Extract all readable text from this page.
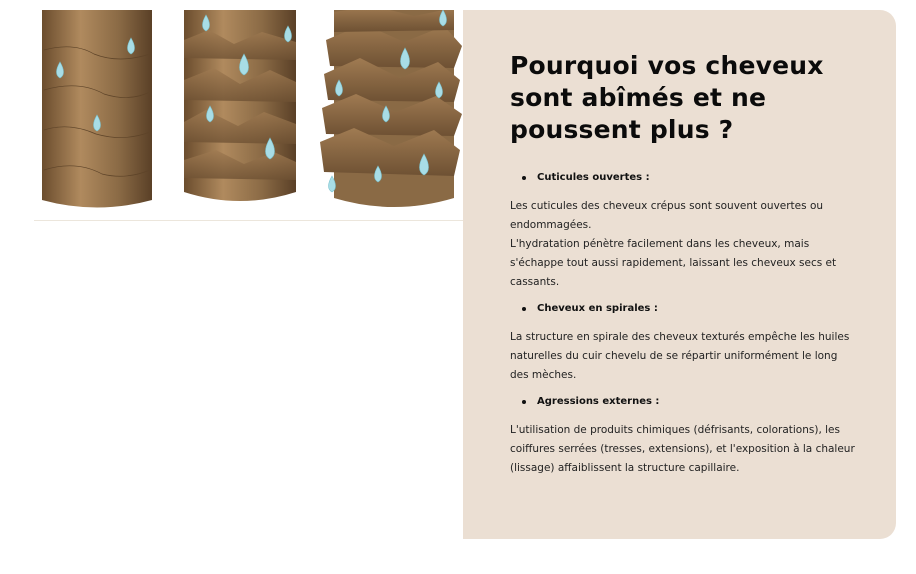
Pourquoi vos cheveux sont abîmés et ne poussent plus ?
Cuticules ouvertes :

Les cuticules des cheveux crépus sont souvent ouvertes ou endommagées.

L'hydratation pénètre facilement dans les cheveux, mais s'échappe tout aussi rapidement, laissant les cheveux secs et cassants.

Cheveux en spirales :

La structure en spirale des cheveux texturés empêche les huiles naturelles du cuir chevelu de se répartir uniformément le long des mèches.

Agressions externes :

L'utilisation de produits chimiques (défrisants, colorations), les coiffures serrées (tresses, extensions), et l'exposition à la chaleur (lissage) affaiblissent la structure capillaire.
